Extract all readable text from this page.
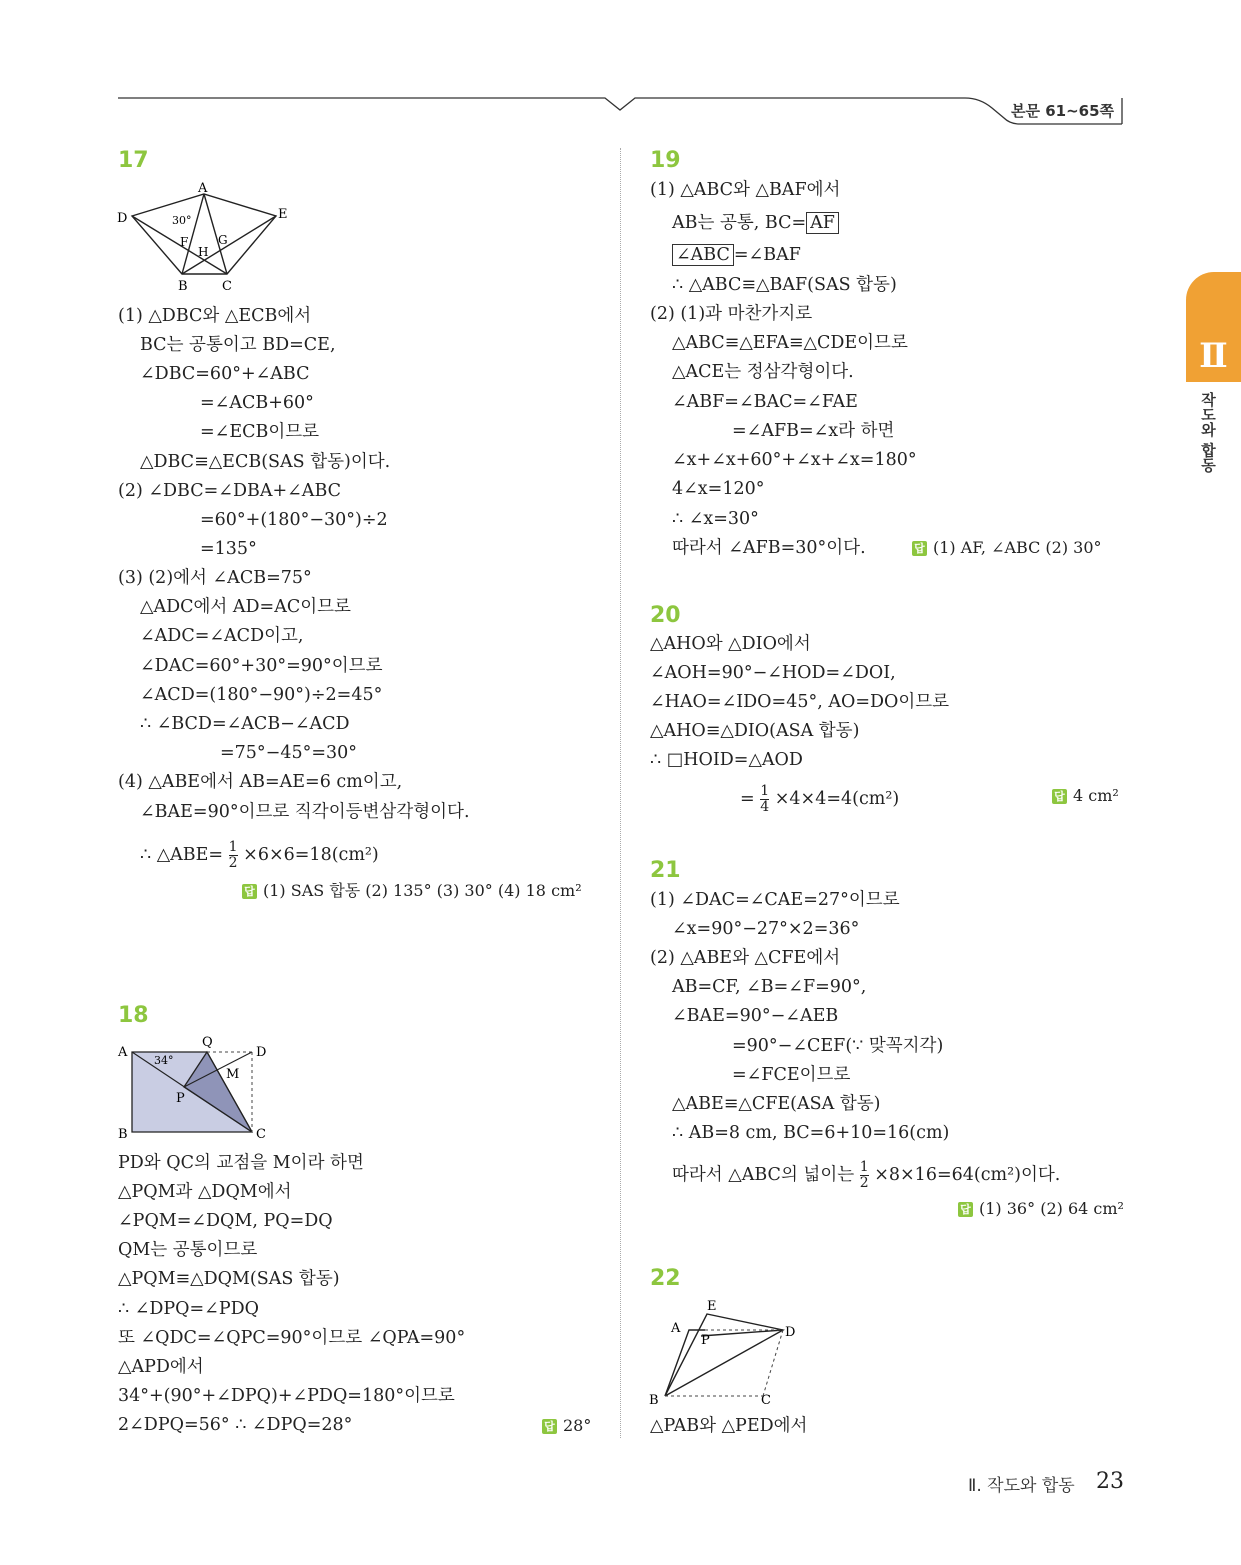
본문 61~65쪽
Ⅱ
작도와 합동
17
A
D	E
B	C
F G
H
30°
(1) △DBC와 △ECB에서
BC는 공통이고 BD=CE,
∠DBC=60°+∠ABC
=∠ACB+60°
=∠ECB이므로
△DBC≡△ECB(SAS 합동)이다.
(2) ∠DBC=∠DBA+∠ABC
=60°+(180°−30°)÷2
=135°
(3) (2)에서 ∠ACB=75°
△ADC에서 AD=AC이므로
∠ADC=∠ACD이고,
∠DAC=60°+30°=90°이므로
∠ACD=(180°−90°)÷2=45°
∴ ∠BCD=∠ACB−∠ACD
=75°−45°=30°
(4) △ABE에서 AB=AE=6 cm이고,
∠BAE=90°이므로 직각이등변삼각형이다.
∴ △ABE= $\frac{1}{2} \times 6\times 6=18(cm^2)$
답 (1) SAS 합동 (2) 135° (3) 30° (4) 18 cm²
18
A
B	C
D
Q
P
M
34°
PD와 QC의 교점을 M이라 하면
△PQM과 △DQM에서
∠PQM=∠DQM, PQ=DQ
QM는 공통이므로
△PQM≡△DQM(SAS 합동)
∴ ∠DPQ=∠PDQ
또 ∠QDC=∠QPC=90°이므로 ∠QPA=90°
△APD에서
34°+(90°+∠DPQ)+∠PDQ=180°이므로
2∠DPQ=56° ∴ ∠DPQ=28°	답 28°
19
(1) △ABC와 △BAF에서
AB는 공통, BC= AF
∠ABC =∠BAF
∴ △ABC≡△BAF(SAS 합동)
(2) (1)과 마찬가지로
△ABC≡△EFA≡△CDE이므로
△ACE는 정삼각형이다.
∠ABF=∠BAC=∠FAE
=∠AFB=∠x라 하면
∠x+∠x+60°+∠x+∠x=180°
4∠x=120°
∴ ∠x=30°
따라서 ∠AFB=30°이다.	답 (1) AF, ∠ABC (2) 30°
20
△AHO와 △DIO에서
∠AOH=90°−∠HOD=∠DOI,
∠HAO=∠IDO=45°, AO=DO이므로
△AHO≡△DIO(ASA 합동)
∴ □HOID=△AOD
= $\frac{1}{4} \times 4\times 4=4(cm^2)$	답 4 cm²
21
(1) ∠DAC=∠CAE=27°이므로
∠x=90°−27°×2=36°
(2) △ABE와 △CFE에서
AB=CF, ∠B=∠F=90°,
∠BAE=90°−∠AEB
=90°−∠CEF(∵ 맞꼭지각)
=∠FCE이므로
△ABE≡△CFE(ASA 합동)
∴ AB=8 cm, BC=6+10=16(cm)
따라서 △ABC의 넓이는 $\frac{1}{2} \times 8\times 16=64(cm^2)$이다.
답 (1) 36° (2) 64 cm²
22
A
E
D
B	C
P
△PAB와 △PED에서
Ⅱ. 작도와 합동 23
